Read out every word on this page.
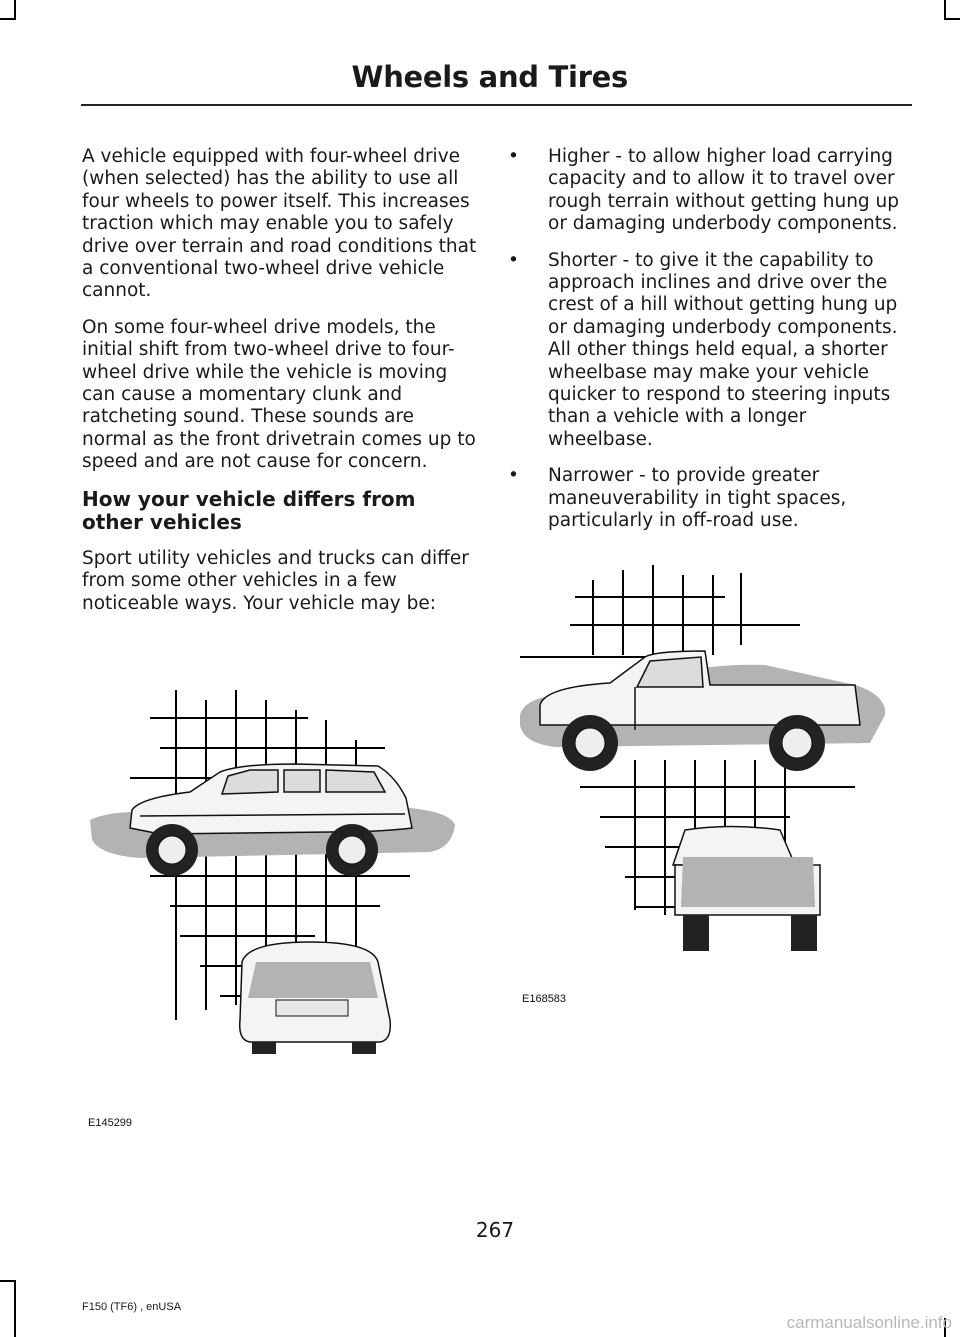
Wheels and Tires

A vehicle equipped with four-wheel drive (when selected) has the ability to use all four wheels to power itself. This increases traction which may enable you to safely drive over terrain and road conditions that a conventional two-wheel drive vehicle cannot.

On some four-wheel drive models, the initial shift from two-wheel drive to four-wheel drive while the vehicle is moving can cause a momentary clunk and ratcheting sound. These sounds are normal as the front drivetrain comes up to speed and are not cause for concern.

How your vehicle differs from other vehicles

Sport utility vehicles and trucks can differ from some other vehicles in a few noticeable ways. Your vehicle may be:

• Higher - to allow higher load carrying capacity and to allow it to travel over rough terrain without getting hung up or damaging underbody components.
• Shorter - to give it the capability to approach inclines and drive over the crest of a hill without getting hung up or damaging underbody components. All other things held equal, a shorter wheelbase may make your vehicle quicker to respond to steering inputs than a vehicle with a longer wheelbase.
• Narrower - to provide greater maneuverability in tight spaces, particularly in off-road use.
E145299
E168583
267
F150 (TF6) , enUSA
carmanualsonline.info
